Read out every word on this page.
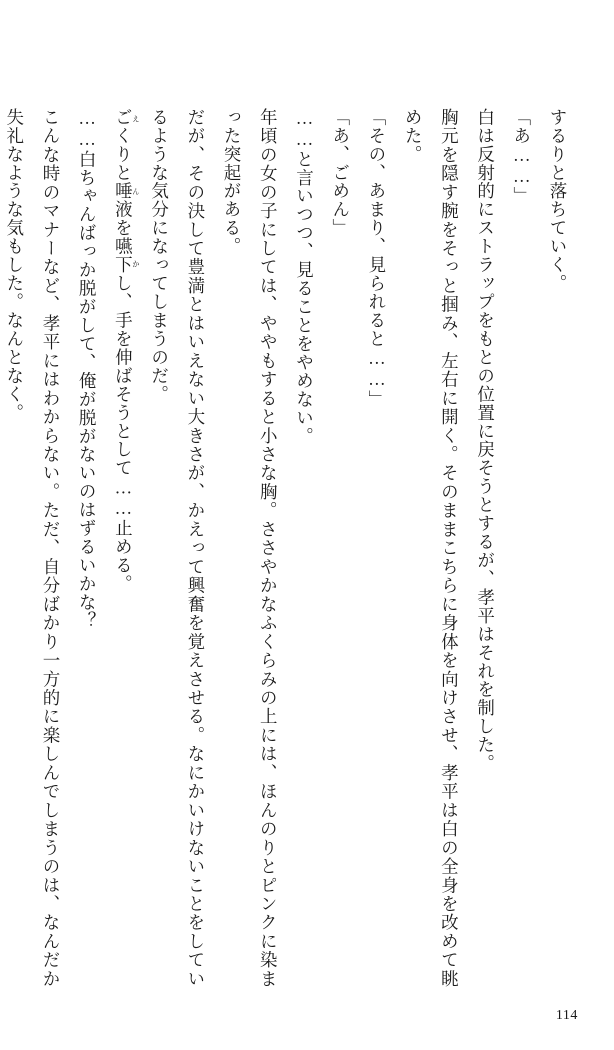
するりと落ちていく。

「あ……」

白は反射的にストラップをもとの位置に戻そうとするが、孝平はそれを制した。

胸元を隠す腕をそっと掴み、左右に開く。そのままこちらに身体を向けさせ、孝平は白の全身を改めて眺めた。

「その、あまり、見られると……」

「あ、ごめん」

……と言いつつ、見ることをやめない。

年頃の女の子にしては、ややもすると小さな胸。ささやかなふくらみの上には、ほんのりとピンクに染まった突起がある。

だが、その決して豊満とはいえない大きさが、かえって興奮を覚えさせる。なにかいけないことをしているような気分になってしまうのだ。

ごくりと唾液を嚥下えんかし、手を伸ばそうとして……止める。

……白ちゃんばっか脱がして、俺が脱がないのはずるいかな？

こんな時のマナーなど、孝平にはわからない。ただ、自分ばかり一方的に楽しんでしまうのは、なんだか失礼なような気もした。なんとなく。

114
